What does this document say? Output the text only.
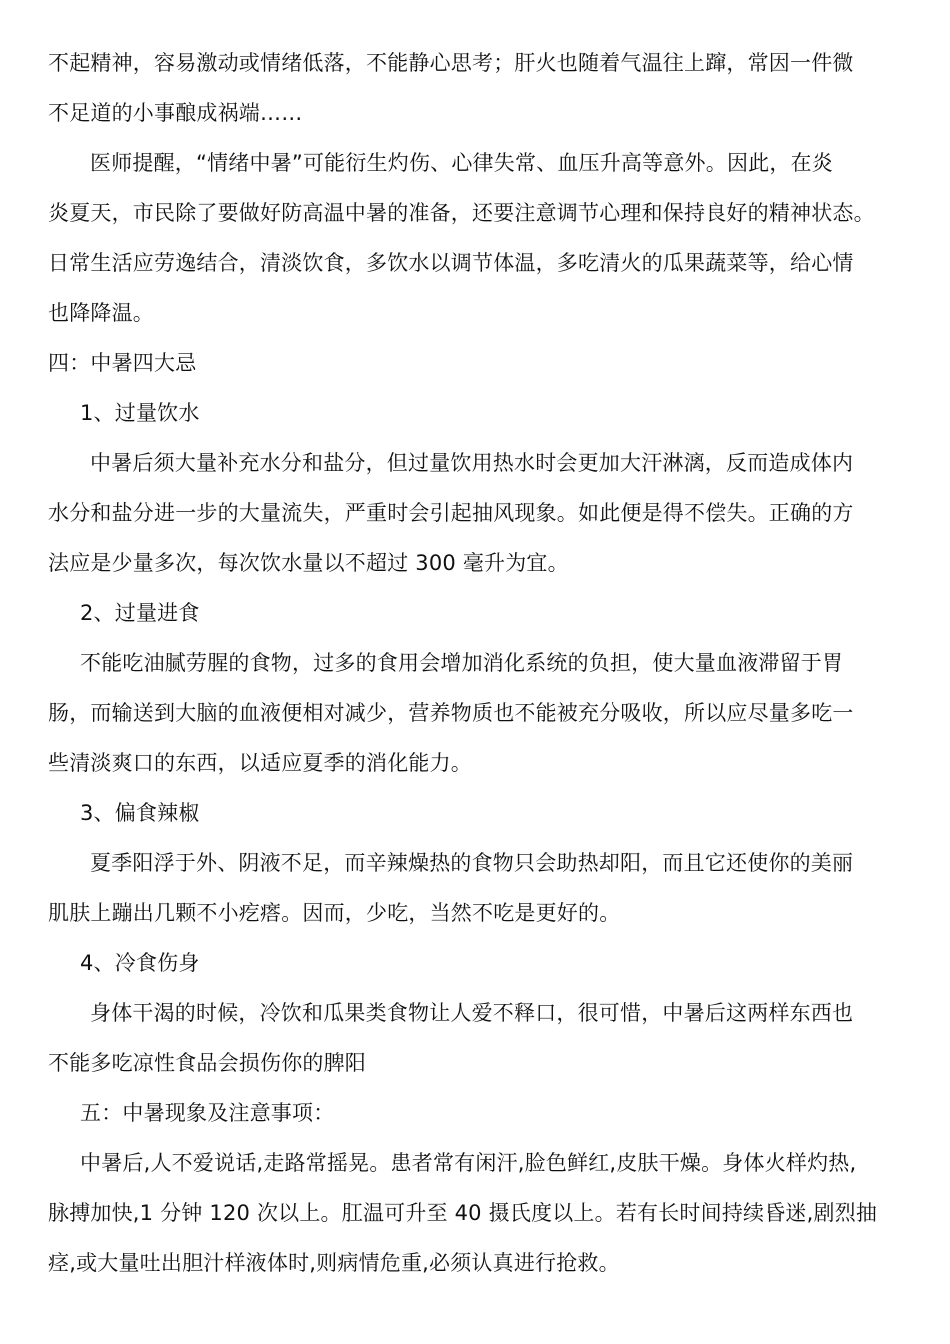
不起精神，容易激动或情绪低落，不能静心思考；肝火也随着气温往上蹿，常因一件微
不足道的小事酿成祸端……
医师提醒，“情绪中暑”可能衍生灼伤、心律失常、血压升高等意外。因此，在炎
炎夏天，市民除了要做好防高温中暑的准备，还要注意调节心理和保持良好的精神状态。
日常生活应劳逸结合，清淡饮食，多饮水以调节体温，多吃清火的瓜果蔬菜等，给心情
也降降温。
四：中暑四大忌
1、过量饮水
中暑后须大量补充水分和盐分，但过量饮用热水时会更加大汗淋漓，反而造成体内
水分和盐分进一步的大量流失，严重时会引起抽风现象。如此便是得不偿失。正确的方
法应是少量多次，每次饮水量以不超过 300 毫升为宜。
2、过量进食
不能吃油腻劳腥的食物，过多的食用会增加消化系统的负担，使大量血液滞留于胃
肠，而输送到大脑的血液便相对减少，营养物质也不能被充分吸收，所以应尽量多吃一
些清淡爽口的东西，以适应夏季的消化能力。
3、偏食辣椒
夏季阳浮于外、阴液不足，而辛辣燥热的食物只会助热却阳，而且它还使你的美丽
肌肤上蹦出几颗不小疙瘩。因而，少吃，当然不吃是更好的。
4、冷食伤身
身体干渴的时候，冷饮和瓜果类食物让人爱不释口，很可惜，中暑后这两样东西也
不能多吃凉性食品会损伤你的脾阳
五：中暑现象及注意事项：
中暑后,人不爱说话,走路常摇晃。患者常有闲汗,脸色鲜红,皮肤干燥。身体火样灼热,
脉搏加快,1 分钟 120 次以上。肛温可升至 40 摄氏度以上。若有长时间持续昏迷,剧烈抽
痉,或大量吐出胆汁样液体时,则病情危重,必须认真进行抢救。
